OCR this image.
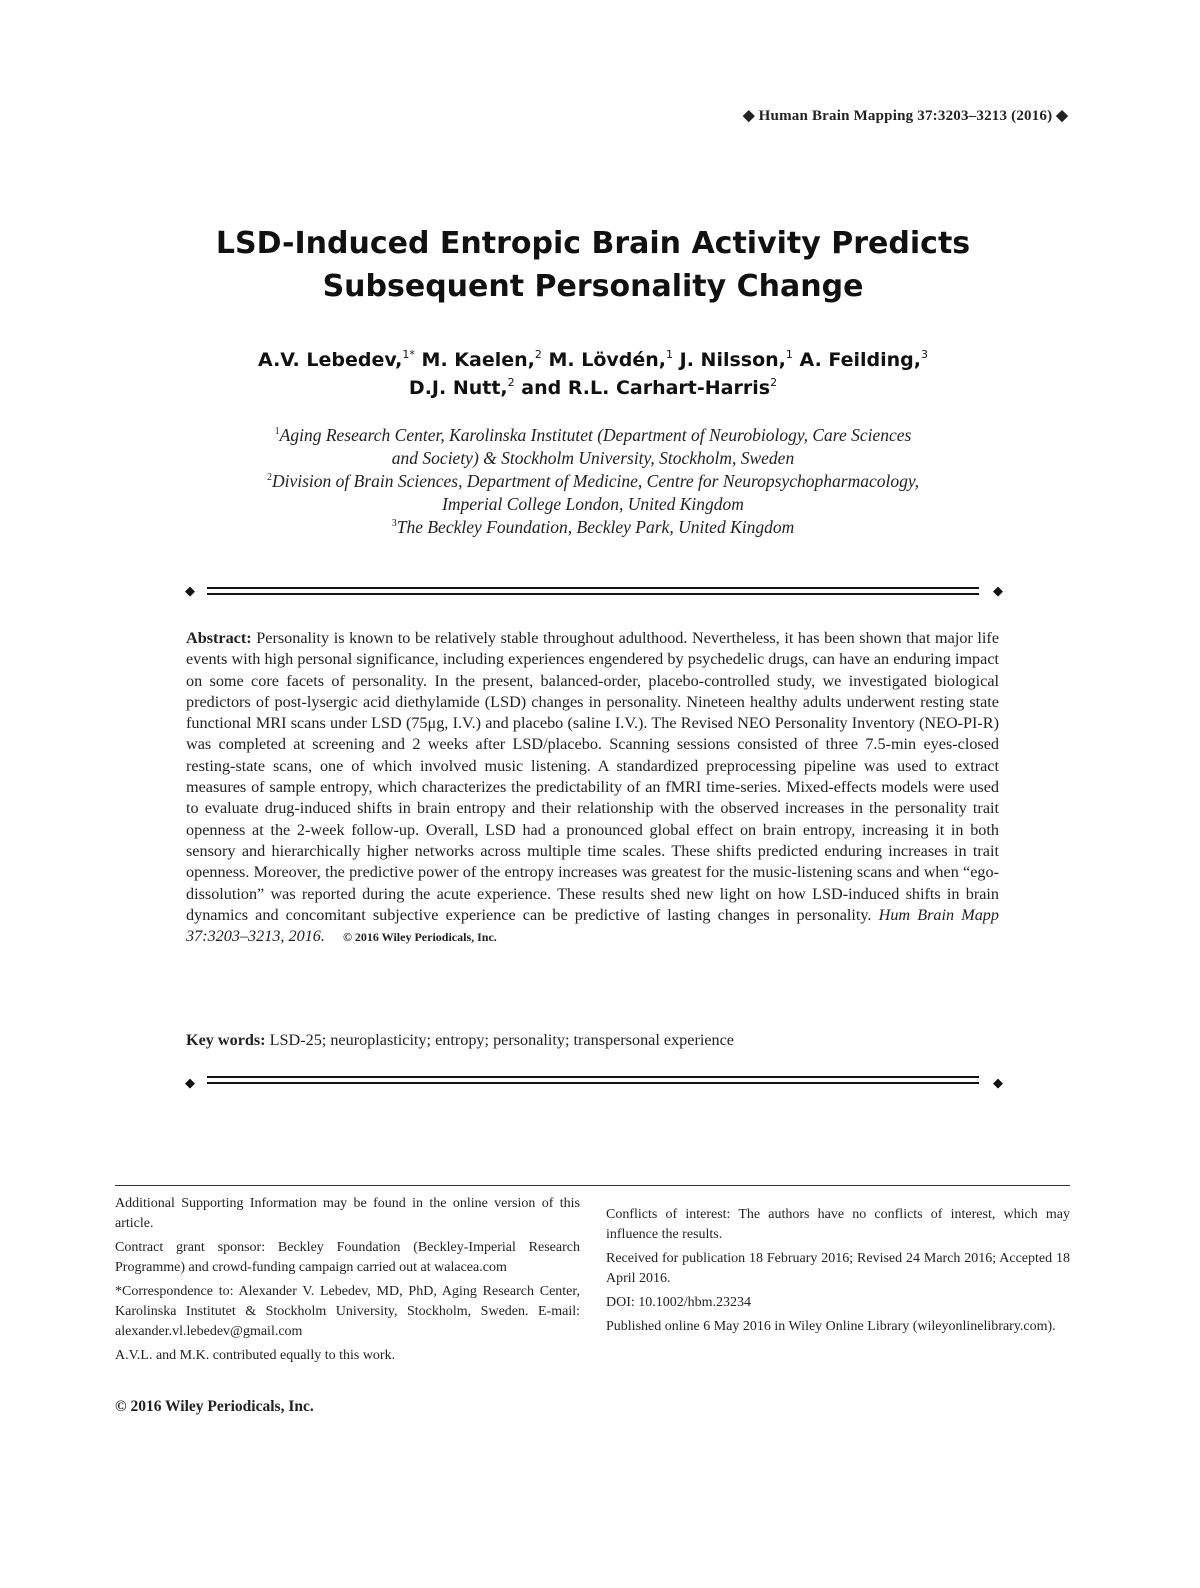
◆ Human Brain Mapping 37:3203–3213 (2016) ◆
LSD-Induced Entropic Brain Activity Predicts
Subsequent Personality Change
A.V. Lebedev,$^{1*}$ M. Kaelen,$^2$ M. Lövdén,$^1$ J. Nilsson,$^1$ A. Feilding,$^3$
D.J. Nutt,$^2$ and R.L. Carhart-Harris$^2$
$^1$Aging Research Center, Karolinska Institutet (Department of Neurobiology, Care Sciences
and Society) & Stockholm University, Stockholm, Sweden
$^2$Division of Brain Sciences, Department of Medicine, Centre for Neuropsychopharmacology,
Imperial College London, United Kingdom
$^3$The Beckley Foundation, Beckley Park, United Kingdom
◆	◆
Abstract: Personality is known to be relatively stable throughout adulthood. Nevertheless, it has been shown that major life events with high personal significance, including experiences engendered by psychedelic drugs, can have an enduring impact on some core facets of personality. In the present, balanced-order, placebo-controlled study, we investigated biological predictors of post-lysergic acid diethylamide (LSD) changes in personality. Nineteen healthy adults underwent resting state functional MRI scans under LSD (75μg, I.V.) and placebo (saline I.V.). The Revised NEO Personality Inventory (NEO-PI-R) was completed at screening and 2 weeks after LSD/placebo. Scanning sessions consisted of three 7.5-min eyes-closed resting-state scans, one of which involved music listening. A standardized preprocessing pipeline was used to extract measures of sample entropy, which characterizes the predictability of an fMRI time-series. Mixed-effects models were used to evaluate drug-induced shifts in brain entropy and their relationship with the observed increases in the personality trait openness at the 2-week follow-up. Overall, LSD had a pronounced global effect on brain entropy, increasing it in both sensory and hierarchically higher networks across multiple time scales. These shifts predicted enduring increases in trait openness. Moreover, the predictive power of the entropy increases was greatest for the music-listening scans and when “ego-dissolution” was reported during the acute experience. These results shed new light on how LSD-induced shifts in brain dynamics and concomitant subjective experience can be predictive of lasting changes in personality. Hum Brain Mapp 37:3203–3213, 2016. © 2016 Wiley Periodicals, Inc.
Key words: LSD-25; neuroplasticity; entropy; personality; transpersonal experience
◆	◆

Additional Supporting Information may be found in the online version of this article.

Contract grant sponsor: Beckley Foundation (Beckley-Imperial Research Programme) and crowd-funding campaign carried out at walacea.com

*Correspondence to: Alexander V. Lebedev, MD, PhD, Aging Research Center, Karolinska Institutet & Stockholm University, Stockholm, Sweden. E-mail: alexander.vl.lebedev@gmail.com

A.V.L. and M.K. contributed equally to this work.

Conflicts of interest: The authors have no conflicts of interest, which may influence the results.

Received for publication 18 February 2016; Revised 24 March 2016; Accepted 18 April 2016.

DOI: 10.1002/hbm.23234

Published online 6 May 2016 in Wiley Online Library (wileyonlinelibrary.com).

© 2016 Wiley Periodicals, Inc.
